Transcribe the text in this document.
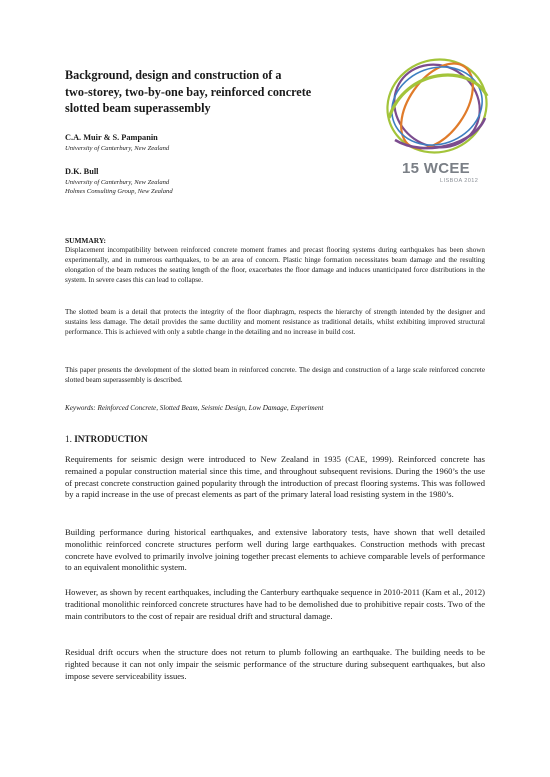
Background, design and construction of a
two-storey, two-by-one bay, reinforced concrete
slotted beam superassembly
C.A. Muir & S. Pampanin
University of Canterbury, New Zealand
D.K. Bull
University of Canterbury, New Zealand
Holmes Consulting Group, New Zealand
15 WCEE
LISBOA 2012
SUMMARY:
Displacement incompatibility between reinforced concrete moment frames and precast flooring systems during earthquakes has been shown experimentally, and in numerous earthquakes, to be an area of concern. Plastic hinge formation necessitates beam damage and the resulting elongation of the beam reduces the seating length of the floor, exacerbates the floor damage and induces unanticipated force distributions in the system. In severe cases this can lead to collapse.
The slotted beam is a detail that protects the integrity of the floor diaphragm, respects the hierarchy of strength intended by the designer and sustains less damage. The detail provides the same ductility and moment resistance as traditional details, whilst exhibiting improved structural performance. This is achieved with only a subtle change in the detailing and no increase in build cost.
This paper presents the development of the slotted beam in reinforced concrete. The design and construction of a large scale reinforced concrete slotted beam superassembly is described.
Keywords: Reinforced Concrete, Slotted Beam, Seismic Design, Low Damage, Experiment
1. INTRODUCTION
Requirements for seismic design were introduced to New Zealand in 1935 (CAE, 1999). Reinforced concrete has remained a popular construction material since this time, and throughout subsequent revisions. During the 1960’s the use of precast concrete construction gained popularity through the introduction of precast flooring systems. This was followed by a rapid increase in the use of precast elements as part of the primary lateral load resisting system in the 1980’s.
Building performance during historical earthquakes, and extensive laboratory tests, have shown that well detailed monolithic reinforced concrete structures perform well during large earthquakes. Construction methods with precast concrete have evolved to primarily involve joining together precast elements to achieve comparable levels of performance to an equivalent monolithic system.
However, as shown by recent earthquakes, including the Canterbury earthquake sequence in 2010-2011 (Kam et al., 2012) traditional monolithic reinforced concrete structures have had to be demolished due to prohibitive repair costs. Two of the main contributors to the cost of repair are residual drift and structural damage.
Residual drift occurs when the structure does not return to plumb following an earthquake. The building needs to be righted because it can not only impair the seismic performance of the structure during subsequent earthquakes, but also impose severe serviceability issues.
